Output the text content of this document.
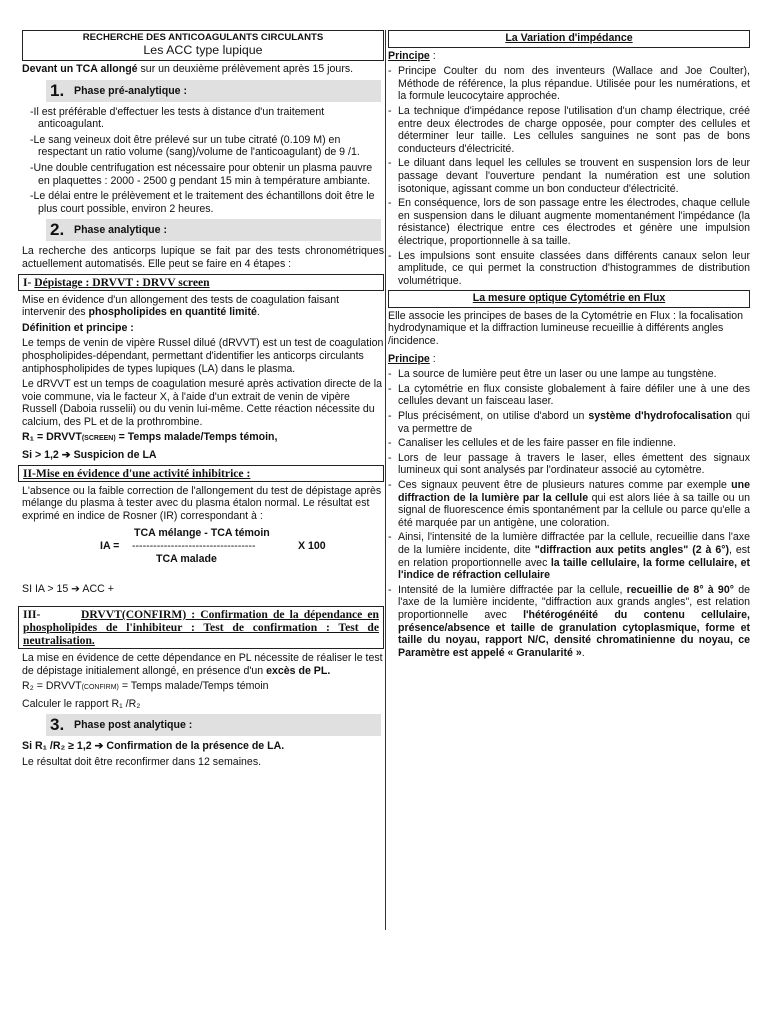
RECHERCHE DES ANTICOAGULANTS CIRCULANTS
Les ACC type lupique

Devant un TCA allongé sur un deuxième prélèvement après 15 jours.

1. Phase pré-analytique :

-Il est préférable d'effectuer les tests à distance d'un traitement anticoagulant.

-Le sang veineux doit être prélevé sur un tube citraté (0.109 M) en respectant un ratio volume (sang)/volume de l'anticoagulant) de 9 /1.

-Une double centrifugation est nécessaire pour obtenir un plasma pauvre en plaquettes : 2000 - 2500 g pendant 15 min à température ambiante.

-Le délai entre le prélèvement et le traitement des échantillons doit être le plus court possible, environ 2 heures.

2. Phase analytique :

La recherche des anticorps lupique se fait par des tests chronométriques actuellement automatisés. Elle peut se faire en 4 étapes :

I- Dépistage : DRVVT : DRVV screen

Mise en évidence d'un allongement des tests de coagulation faisant intervenir des phospholipides en quantité limité.

Définition et principe :

Le temps de venin de vipère Russel dilué (dRVVT) est un test de coagulation phospholipides-dépendant, permettant d'identifier les anticorps circulants antiphospholipides de types lupiques (LA) dans le plasma.

Le dRVVT est un temps de coagulation mesuré après activation directe de la voie commune, via le facteur X, à l'aide d'un extrait de venin de vipère Russell (Daboia russelii) ou du venin lui-même. Cette réaction nécessite du calcium, des PL et de la prothrombine.

R₁ = DRVVT(SCREEN) = Temps malade/Temps témoin,

Si > 1,2 ➔ Suspicion de LA

II-Mise en évidence d'une activité inhibitrice :

L'absence ou la faible correction de l'allongement du test de dépistage après mélange du plasma à tester avec du plasma étalon normal. Le résultat est exprimé en indice de Rosner (IR) correspondant à :

TCA mélange - TCA témoin
IA = -----------------------------------	X 100
TCA malade

SI IA > 15 ➔ ACC +

III-	DRVVT(CONFIRM) : Confirmation de la dépendance en phospholipides de l'inhibiteur : Test de confirmation : Test de neutralisation.

La mise en évidence de cette dépendance en PL nécessite de réaliser le test de dépistage initialement allongé, en présence d'un excès de PL.

R₂ = DRVVT(CONFIRM) = Temps malade/Temps témoin

Calculer le rapport R₁ /R₂

3. Phase post analytique :

Si R₁ /R₂ ≥ 1,2 ➔ Confirmation de la présence de LA.

Le résultat doit être reconfirmer dans 12 semaines.

La Variation d'impédance

Principe :

- Principe Coulter du nom des inventeurs (Wallace and Joe Coulter), Méthode de référence, la plus répandue. Utilisée pour les numérations, et la formule leucocytaire approchée.
- La technique d'impédance repose l'utilisation d'un champ électrique, créé entre deux électrodes de charge opposée, pour compter des cellules et déterminer leur taille. Les cellules sanguines ne sont pas de bons conducteurs d'électricité.
- Le diluant dans lequel les cellules se trouvent en suspension lors de leur passage devant l'ouverture pendant la numération est une solution isotonique, agissant comme un bon conducteur d'électricité.
- En conséquence, lors de son passage entre les électrodes, chaque cellule en suspension dans le diluant augmente momentanément l'impédance (la résistance) électrique entre ces électrodes et génère une impulsion électrique, proportionnelle à sa taille.
- Les impulsions sont ensuite classées dans différents canaux selon leur amplitude, ce qui permet la construction d'histogrammes de distribution volumétrique.
La mesure optique Cytométrie en Flux

Elle associe les principes de bases de la Cytométrie en Flux : la focalisation hydrodynamique et la diffraction lumineuse recueillie à différents angles /incidence.

Principe :

- La source de lumière peut être un laser ou une lampe au tungstène.
- La cytométrie en flux consiste globalement à faire défiler une à une des cellules devant un faisceau laser.
- Plus précisément, on utilise d'abord un système d'hydrofocalisation qui va permettre de
- Canaliser les cellules et de les faire passer en file indienne.
- Lors de leur passage à travers le laser, elles émettent des signaux lumineux qui sont analysés par l'ordinateur associé au cytomètre.
- Ces signaux peuvent être de plusieurs natures comme par exemple une diffraction de la lumière par la cellule qui est alors liée à sa taille ou un signal de fluorescence émis spontanément par la cellule ou parce qu'elle a été marquée par un antigène, une coloration.
- Ainsi, l'intensité de la lumière diffractée par la cellule, recueillie dans l'axe de la lumière incidente, dite "diffraction aux petits angles" (2 à 6°), est en relation proportionnelle avec la taille cellulaire, la forme cellulaire, et l'indice de réfraction cellulaire
- Intensité de la lumière diffractée par la cellule, recueillie de 8° à 90° de l'axe de la lumière incidente, "diffraction aux grands angles", est relation proportionnelle avec l'hétérogénéité du contenu cellulaire, présence/absence et taille de granulation cytoplasmique, forme et taille du noyau, rapport N/C, densité chromatinienne du noyau, ce Paramètre est appelé « Granularité ».
